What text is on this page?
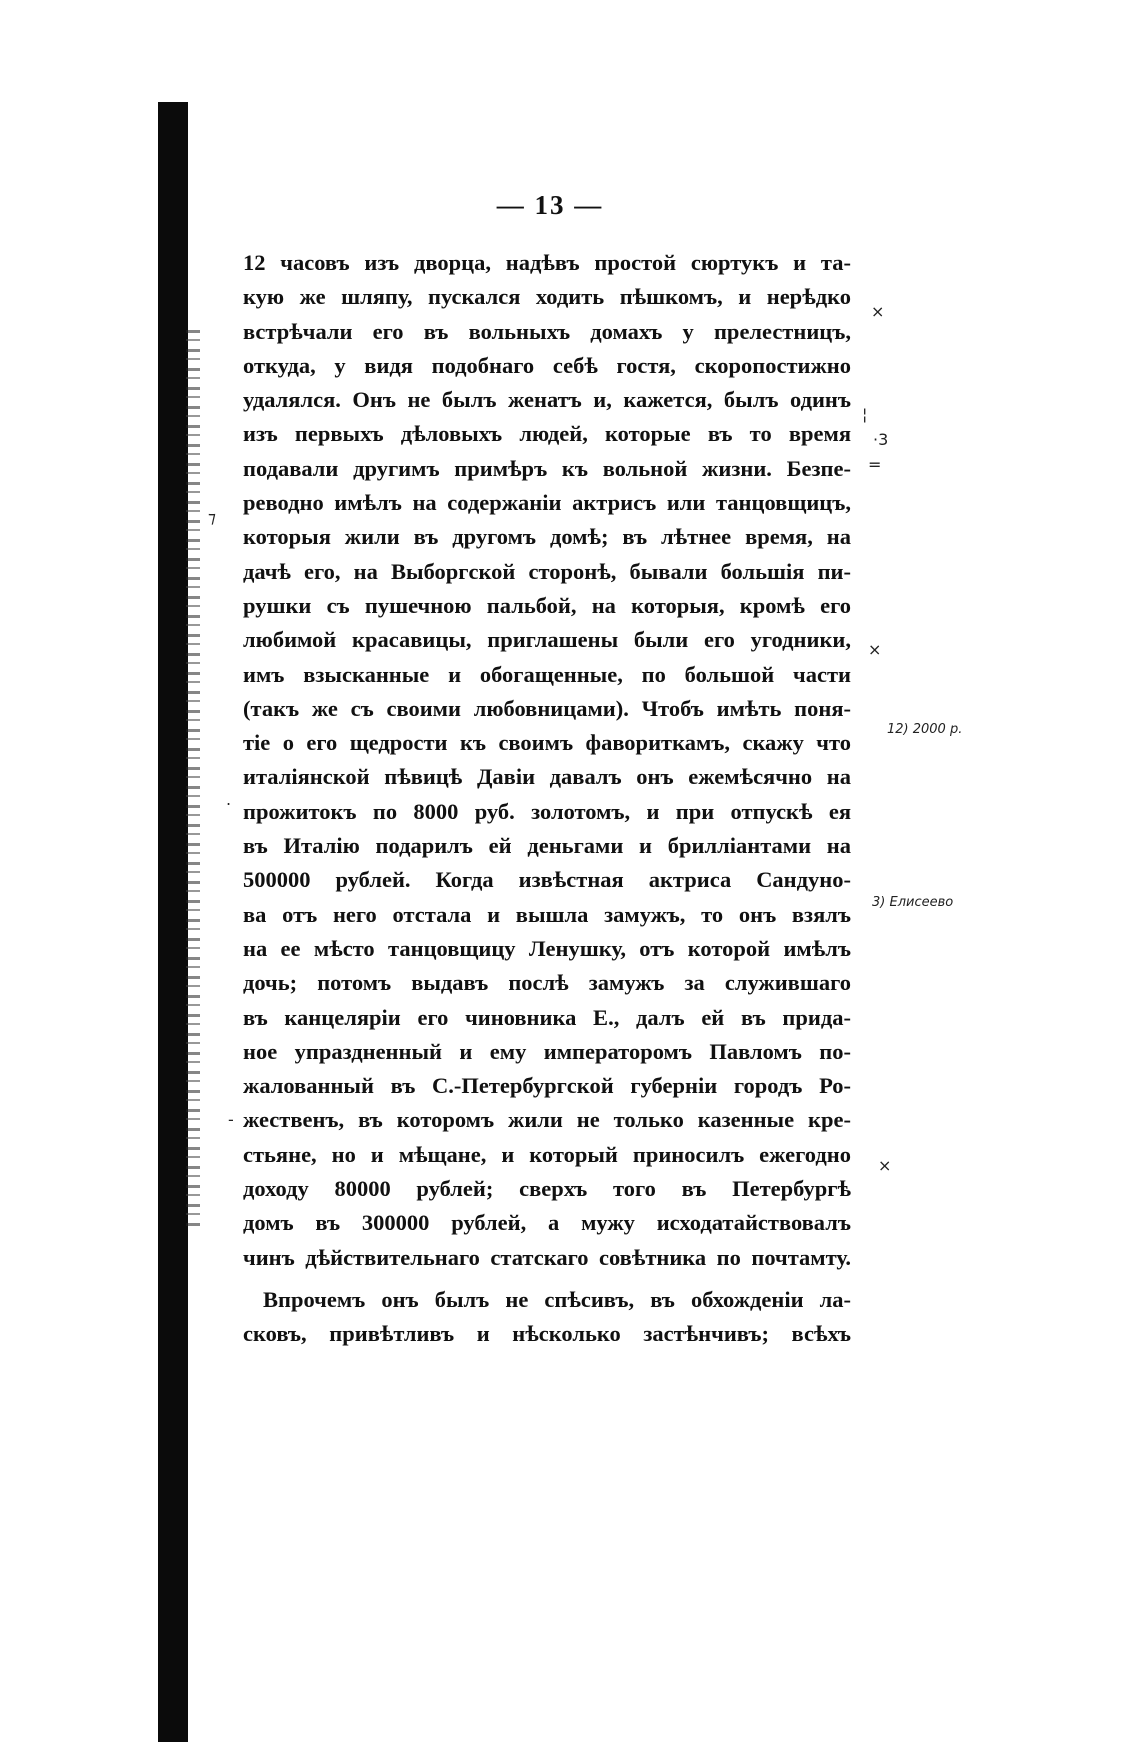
— 13 —
12 часовъ изъ дворца, надѣвъ простой сюртукъ и та-
кую же шляпу, пускался ходить пѣшкомъ, и нерѣдко
встрѣчали его въ вольныхъ домахъ у прелестницъ,
откуда, у видя подобнаго себѣ гостя, скоропостижно
удалялся. Онъ не былъ женатъ и, кажется, былъ одинъ
изъ первыхъ дѣловыхъ людей, которые въ то время
подавали другимъ примѣръ къ вольной жизни. Безпе-
реводно имѣлъ на содержаніи актрисъ или танцовщицъ,
которыя жили въ другомъ домѣ; въ лѣтнее время, на
дачѣ его, на Выборгской сторонѣ, бывали большія пи-
рушки съ пушечною пальбой, на которыя, кромѣ его
любимой красавицы, приглашены были его угодники,
имъ взысканные и обогащенные, по большой части
(такъ же съ своими любовницами). Чтобъ имѣть поня-
тіе о его щедрости къ своимъ фавориткамъ, скажу что
италіянской пѣвицѣ Давіи давалъ онъ ежемѣсячно на
прожитокъ по 8000 руб. золотомъ, и при отпускѣ ея
въ Италію подарилъ ей деньгами и брилліантами на
500000 рублей. Когда извѣстная актриса Сандуно-
ва отъ него отстала и вышла замужъ, то онъ взялъ
на ее мѣсто танцовщицу Ленушку, отъ которой имѣлъ
дочь; потомъ выдавъ послѣ замужъ за служившаго
въ канцеляріи его чиновника Е., далъ ей въ прида-
ное упраздненный и ему императоромъ Павломъ по-
жалованный въ С.-Петербургской губерніи городъ Ро-
жественъ, въ которомъ жили не только казенные кре-
стьяне, но и мѣщане, и который приносилъ ежегодно
доходу 80000 рублей; сверхъ того въ Петербургѣ
домъ въ 300000 рублей, а мужу исходатайствовалъ
чинъ дѣйствительнаго статскаго совѣтника по почтамту.
Впрочемъ онъ былъ не спѣсивъ, въ обхожденіи ла-
сковъ, привѣтливъ и нѣсколько застѣнчивъ; всѣхъ
×
¦
·3
=
⁊
×
.
-
×
12) 2000 р.
3) Елисеево
